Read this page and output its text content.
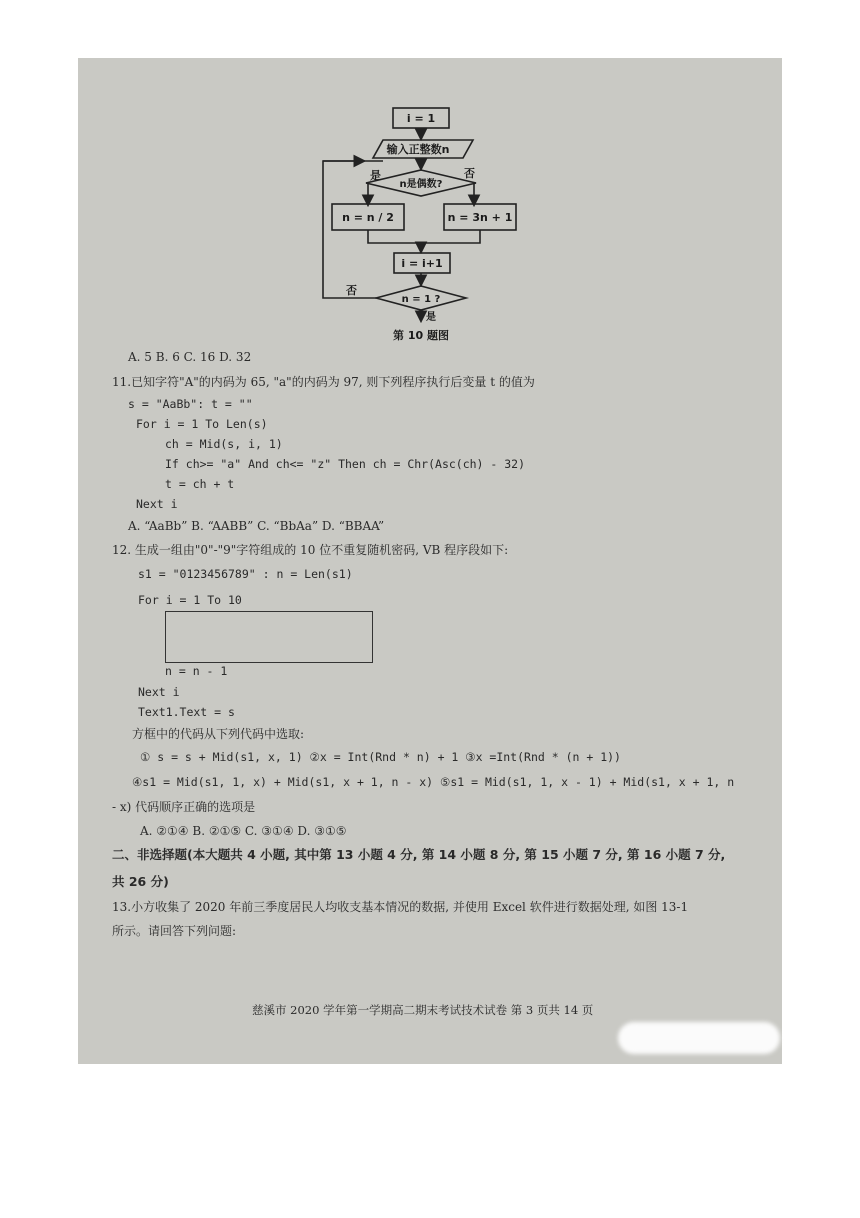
i = 1
输入正整数n
n是偶数?
是	否
n = n / 2	n = 3n + 1
i = i+1
n = 1 ?
否
是
第 10 题图
A. 5 B. 6 C. 16 D. 32
11.已知字符"A"的内码为 65, "a"的内码为 97, 则下列程序执行后变量 t 的值为
s = "AaBb": t = ""
For i = 1 To Len(s)
ch = Mid(s, i, 1)
If ch>= "a" And ch<= "z" Then ch = Chr(Asc(ch) - 32)
t = ch + t
Next i
A. “AaBb” B. “AABB” C. “BbAa” D. “BBAA”
12. 生成一组由"0"-"9"字符组成的 10 位不重复随机密码, VB 程序段如下:
s1 = "0123456789" : n = Len(s1)
For i = 1 To 10
n = n - 1
Next i
Text1.Text = s
方框中的代码从下列代码中选取:
① s = s + Mid(s1, x, 1) ②x = Int(Rnd * n) + 1 ③x =Int(Rnd * (n + 1))
④s1 = Mid(s1, 1, x) + Mid(s1, x + 1, n - x) ⑤s1 = Mid(s1, 1, x - 1) + Mid(s1, x + 1, n
- x) 代码顺序正确的选项是
A. ②①④ B. ②①⑤ C. ③①④ D. ③①⑤
二、非选择题(本大题共 4 小题, 其中第 13 小题 4 分, 第 14 小题 8 分, 第 15 小题 7 分, 第 16 小题 7 分,
共 26 分)
13.小方收集了 2020 年前三季度居民人均收支基本情况的数据, 并使用 Excel 软件进行数据处理, 如图 13-1
所示。请回答下列问题:
慈溪市 2020 学年第一学期高二期末考试技术试卷 第 3 页共 14 页
